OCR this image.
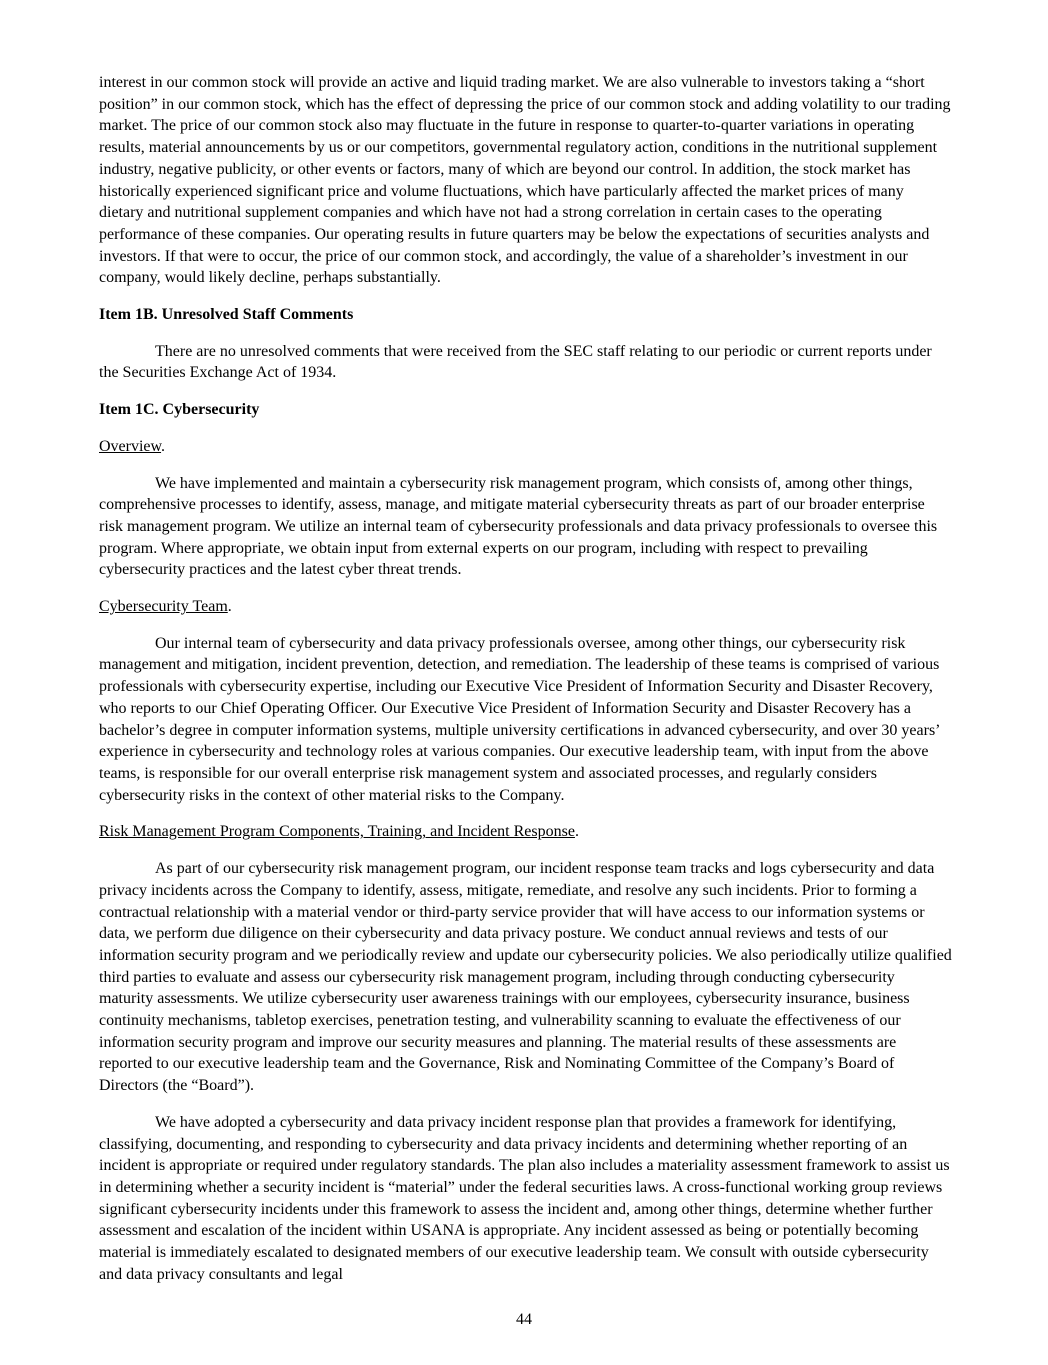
interest in our common stock will provide an active and liquid trading market. We are also vulnerable to investors taking a “short position” in our common stock, which has the effect of depressing the price of our common stock and adding volatility to our trading market. The price of our common stock also may fluctuate in the future in response to quarter-to-quarter variations in operating results, material announcements by us or our competitors, governmental regulatory action, conditions in the nutritional supplement industry, negative publicity, or other events or factors, many of which are beyond our control. In addition, the stock market has historically experienced significant price and volume fluctuations, which have particularly affected the market prices of many dietary and nutritional supplement companies and which have not had a strong correlation in certain cases to the operating performance of these companies. Our operating results in future quarters may be below the expectations of securities analysts and investors. If that were to occur, the price of our common stock, and accordingly, the value of a shareholder’s investment in our company, would likely decline, perhaps substantially.

Item 1B. Unresolved Staff Comments

There are no unresolved comments that were received from the SEC staff relating to our periodic or current reports under the Securities Exchange Act of 1934.

Item 1C. Cybersecurity

Overview.

We have implemented and maintain a cybersecurity risk management program, which consists of, among other things, comprehensive processes to identify, assess, manage, and mitigate material cybersecurity threats as part of our broader enterprise risk management program. We utilize an internal team of cybersecurity professionals and data privacy professionals to oversee this program. Where appropriate, we obtain input from external experts on our program, including with respect to prevailing cybersecurity practices and the latest cyber threat trends.

Cybersecurity Team.

Our internal team of cybersecurity and data privacy professionals oversee, among other things, our cybersecurity risk management and mitigation, incident prevention, detection, and remediation. The leadership of these teams is comprised of various professionals with cybersecurity expertise, including our Executive Vice President of Information Security and Disaster Recovery, who reports to our Chief Operating Officer. Our Executive Vice President of Information Security and Disaster Recovery has a bachelor’s degree in computer information systems, multiple university certifications in advanced cybersecurity, and over 30 years’ experience in cybersecurity and technology roles at various companies. Our executive leadership team, with input from the above teams, is responsible for our overall enterprise risk management system and associated processes, and regularly considers cybersecurity risks in the context of other material risks to the Company.

Risk Management Program Components, Training, and Incident Response.

As part of our cybersecurity risk management program, our incident response team tracks and logs cybersecurity and data privacy incidents across the Company to identify, assess, mitigate, remediate, and resolve any such incidents. Prior to forming a contractual relationship with a material vendor or third-party service provider that will have access to our information systems or data, we perform due diligence on their cybersecurity and data privacy posture. We conduct annual reviews and tests of our information security program and we periodically review and update our cybersecurity policies. We also periodically utilize qualified third parties to evaluate and assess our cybersecurity risk management program, including through conducting cybersecurity maturity assessments. We utilize cybersecurity user awareness trainings with our employees, cybersecurity insurance, business continuity mechanisms, tabletop exercises, penetration testing, and vulnerability scanning to evaluate the effectiveness of our information security program and improve our security measures and planning. The material results of these assessments are reported to our executive leadership team and the Governance, Risk and Nominating Committee of the Company’s Board of Directors (the “Board”).

We have adopted a cybersecurity and data privacy incident response plan that provides a framework for identifying, classifying, documenting, and responding to cybersecurity and data privacy incidents and determining whether reporting of an incident is appropriate or required under regulatory standards. The plan also includes a materiality assessment framework to assist us in determining whether a security incident is “material” under the federal securities laws. A cross-functional working group reviews significant cybersecurity incidents under this framework to assess the incident and, among other things, determine whether further assessment and escalation of the incident within USANA is appropriate. Any incident assessed as being or potentially becoming material is immediately escalated to designated members of our executive leadership team. We consult with outside cybersecurity and data privacy consultants and legal

44
